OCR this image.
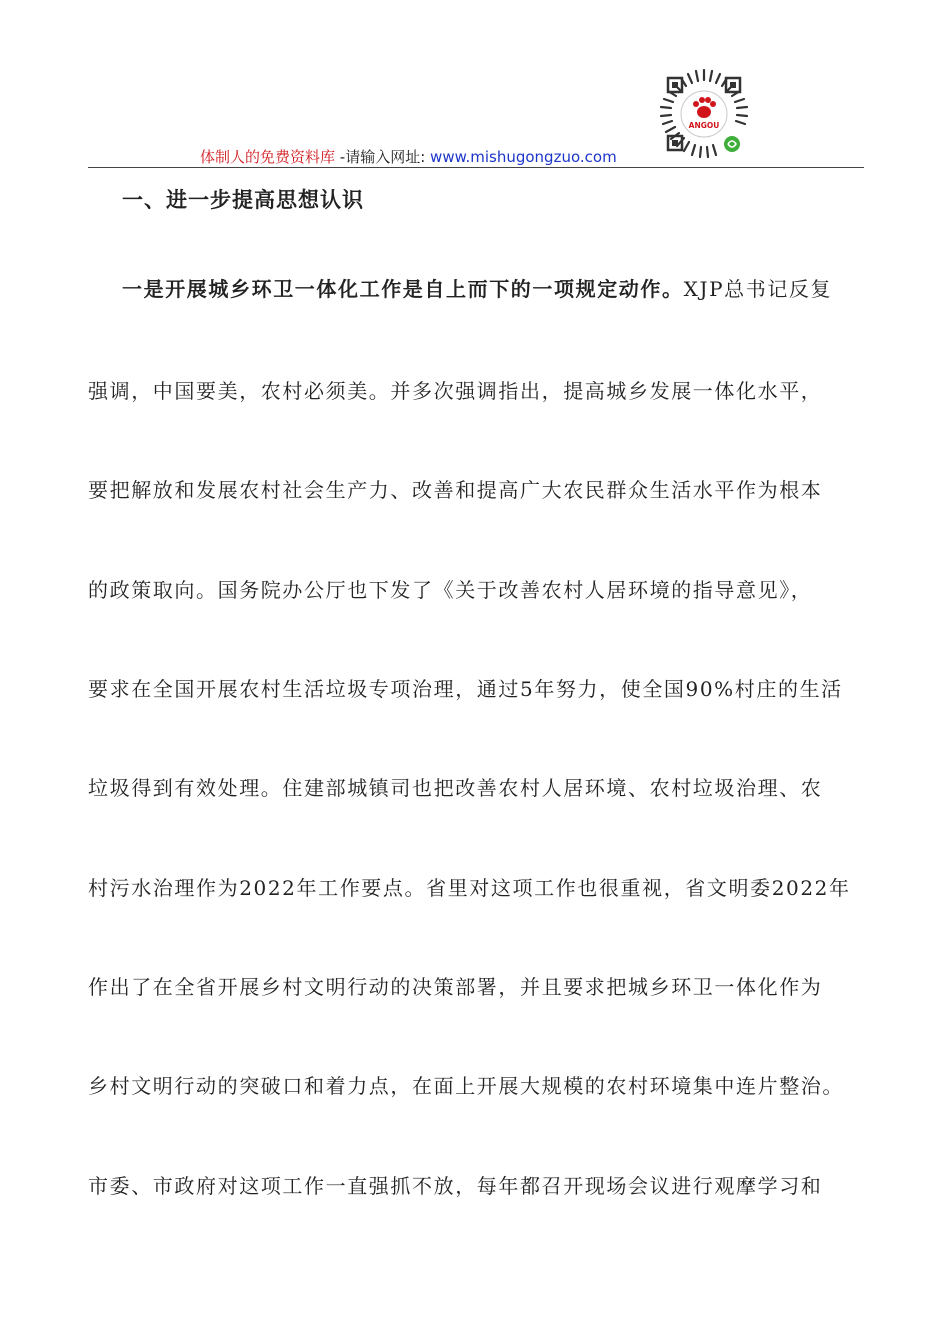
ANGOU
体制人的免费资料库 -请输入网址: www.mishugongzuo.com
一、进一步提高思想认识
一是开展城乡环卫一体化工作是自上而下的一项规定动作。XJP总书记反复
强调，中国要美，农村必须美。并多次强调指出，提高城乡发展一体化水平，
要把解放和发展农村社会生产力、改善和提高广大农民群众生活水平作为根本
的政策取向。国务院办公厅也下发了《关于改善农村人居环境的指导意见》，
要求在全国开展农村生活垃圾专项治理，通过5年努力，使全国90%村庄的生活
垃圾得到有效处理。住建部城镇司也把改善农村人居环境、农村垃圾治理、农
村污水治理作为2022年工作要点。省里对这项工作也很重视，省文明委2022年
作出了在全省开展乡村文明行动的决策部署，并且要求把城乡环卫一体化作为
乡村文明行动的突破口和着力点，在面上开展大规模的农村环境集中连片整治。
市委、市政府对这项工作一直强抓不放，每年都召开现场会议进行观摩学习和
